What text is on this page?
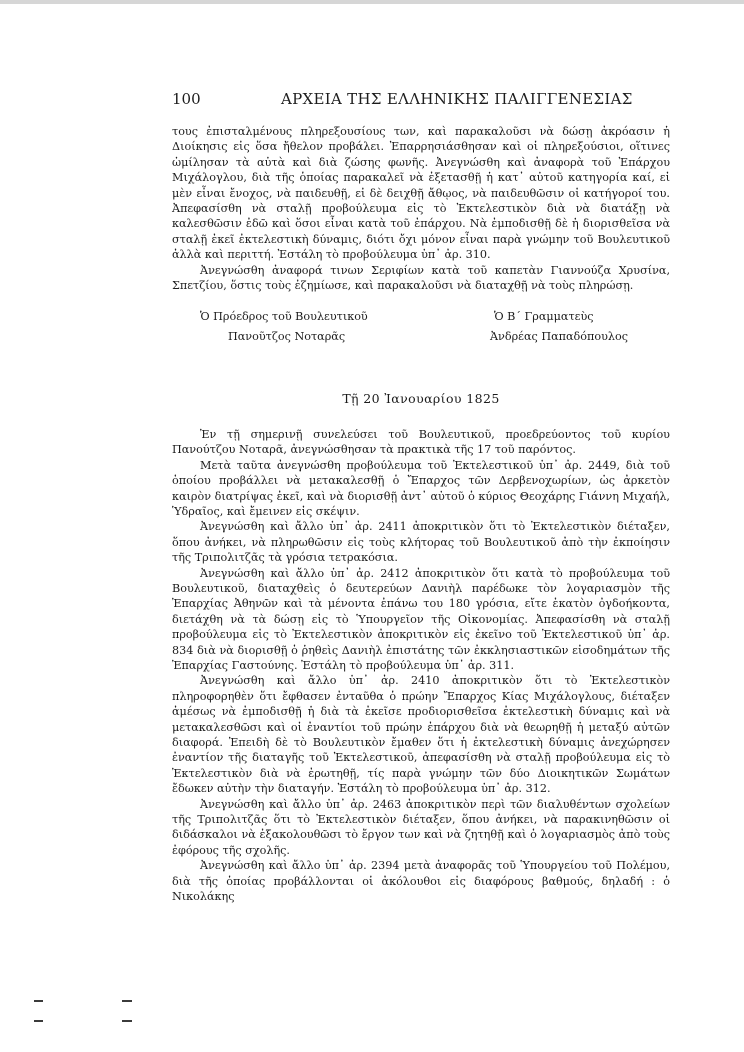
100	ΑΡΧΕΙΑ ΤΗΣ ΕΛΛΗΝΙΚΗΣ ΠΑΛΙΓΓΕΝΕΣΙΑΣ

τους ἐπισταλμένους πληρεξουσίους των, καὶ παρακαλοῦσι νὰ δώσῃ ἀκρόασιν ἡ Διοίκησις εἰς ὅσα ἤθελον προβάλει. Ἐπαρρησιάσθησαν καὶ οἱ πληρεξούσιοι, οἵτινες ὡμίλησαν τὰ αὐτὰ καὶ διὰ ζώσης φωνῆς. Ἀνεγνώσθη καὶ ἀναφορὰ τοῦ Ἐπάρχου Μιχάλογλου, διὰ τῆς ὁποίας παρακαλεῖ νὰ ἐξετασθῇ ἡ κατ᾽ αὐτοῦ κατηγορία καί, εἰ μὲν εἶναι ἔνοχος, νὰ παιδευθῇ, εἰ δὲ δειχθῇ ἄθῳος, νὰ παιδευθῶσιν οἱ κατήγοροί του. Ἀπεφασίσθη νὰ σταλῇ προβούλευμα εἰς τὸ Ἐκτελεστικὸν διὰ νὰ διατάξῃ νὰ καλεσθῶσιν ἐδῶ καὶ ὅσοι εἶναι κατὰ τοῦ ἐπάρχου. Νὰ ἐμποδισθῇ δὲ ἡ διορισθεῖσα νὰ σταλῇ ἐκεῖ ἐκτελεστικὴ δύναμις, διότι ὄχι μόνον εἶναι παρὰ γνώμην τοῦ Βουλευτικοῦ ἀλλὰ καὶ περιττή. Ἐστάλη τὸ προβούλευμα ὑπ᾽ ἀρ. 310.

Ἀνεγνώσθη ἀναφορά τινων Σεριφίων κατὰ τοῦ καπετὰν Γιαννούζα Χρυσίνα, Σπετζίου, ὅστις τοὺς ἐζημίωσε, καὶ παρακαλοῦσι νὰ διαταχθῇ νὰ τοὺς πληρώσῃ.

Ὁ Πρόεδρος τοῦ Βουλευτικοῦ
Πανοῦτζος Νοταρᾶς
Ὁ Β´ Γραμματεὺς
Ἀνδρέας Παπαδόπουλος
Τῇ 20 Ἰανουαρίου 1825

Ἐν τῇ σημερινῇ συνελεύσει τοῦ Βουλευτικοῦ, προεδρεύοντος τοῦ κυρίου Πανούτζου Νοταρᾶ, ἀνεγνώσθησαν τὰ πρακτικὰ τῆς 17 τοῦ παρόντος.

Μετὰ ταῦτα ἀνεγνώσθη προβούλευμα τοῦ Ἐκτελεστικοῦ ὑπ᾽ ἀρ. 2449, διὰ τοῦ ὁποίου προβάλλει νὰ μετακαλεσθῇ ὁ Ἔπαρχος τῶν Δερβενοχωρίων, ὡς ἀρκετὸν καιρὸν διατρίψας ἐκεῖ, καὶ νὰ διορισθῇ ἀντ᾽ αὐτοῦ ὁ κύριος Θεοχάρης Γιάννη Μιχαήλ, Ὑδραῖος, καὶ ἔμεινεν εἰς σκέψιν.

Ἀνεγνώσθη καὶ ἄλλο ὑπ᾽ ἀρ. 2411 ἀποκριτικὸν ὅτι τὸ Ἐκτελεστικὸν διέταξεν, ὅπου ἀνήκει, νὰ πληρωθῶσιν εἰς τοὺς κλήτορας τοῦ Βουλευτικοῦ ἀπὸ τὴν ἐκποίησιν τῆς Τριπολιτζᾶς τὰ γρόσια τετρακόσια.

Ἀνεγνώσθη καὶ ἄλλο ὑπ᾽ ἀρ. 2412 ἀποκριτικὸν ὅτι κατὰ τὸ προβούλευμα τοῦ Βουλευτικοῦ, διαταχθεὶς ὁ δευτερεύων Δανιὴλ παρέδωκε τὸν λογαριασμὸν τῆς Ἐπαρχίας Ἀθηνῶν καὶ τὰ μένοντα ἐπάνω του 180 γρόσια, εἴτε ἑκατὸν ὀγδοήκοντα, διετάχθη νὰ τὰ δώσῃ εἰς τὸ Ὑπουργεῖον τῆς Οἰκονομίας. Ἀπεφασίσθη νὰ σταλῇ προβούλευμα εἰς τὸ Ἐκτελεστικὸν ἀποκριτικὸν εἰς ἐκεῖνο τοῦ Ἐκτελεστικοῦ ὑπ᾽ ἀρ. 834 διὰ νὰ διορισθῇ ὁ ῥηθεὶς Δανιὴλ ἐπιστάτης τῶν ἐκκλησιαστικῶν εἰσοδημάτων τῆς Ἐπαρχίας Γαστούνης. Ἐστάλη τὸ προβούλευμα ὑπ᾽ ἀρ. 311.

Ἀνεγνώσθη καὶ ἄλλο ὑπ᾽ ἀρ. 2410 ἀποκριτικὸν ὅτι τὸ Ἐκτελεστικὸν πληροφορηθὲν ὅτι ἔφθασεν ἐνταῦθα ὁ πρώην Ἔπαρχος Κίας Μιχάλογλους, διέταξεν ἀμέσως νὰ ἐμποδισθῇ ἡ διὰ τὰ ἐκεῖσε προδιορισθεῖσα ἐκτελεστικὴ δύναμις καὶ νὰ μετακαλεσθῶσι καὶ οἱ ἐναντίοι τοῦ πρώην ἐπάρχου διὰ νὰ θεωρηθῇ ἡ μεταξύ αὐτῶν διαφορά. Ἐπειδὴ δὲ τὸ Βουλευτικὸν ἔμαθεν ὅτι ἡ ἐκτελεστικὴ δύναμις ἀνεχώρησεν ἐναντίον τῆς διαταγῆς τοῦ Ἐκτελεστικοῦ, ἀπεφασίσθη νὰ σταλῇ προβούλευμα εἰς τὸ Ἐκτελεστικὸν διὰ νὰ ἐρωτηθῇ, τίς παρὰ γνώμην τῶν δύο Διοικητικῶν Σωμάτων ἔδωκεν αὐτὴν τὴν διαταγήν. Ἐστάλη τὸ προβούλευμα ὑπ᾽ ἀρ. 312.

Ἀνεγνώσθη καὶ ἄλλο ὑπ᾽ ἀρ. 2463 ἀποκριτικὸν περὶ τῶν διαλυθέντων σχολείων τῆς Τριπολιτζᾶς ὅτι τὸ Ἐκτελεστικὸν διέταξεν, ὅπου ἀνήκει, νὰ παρακινηθῶσιν οἱ διδάσκαλοι νὰ ἐξακολουθῶσι τὸ ἔργον των καὶ νὰ ζητηθῇ καὶ ὁ λογαριασμὸς ἀπὸ τοὺς ἐφόρους τῆς σχολῆς.

Ἀνεγνώσθη καὶ ἄλλο ὑπ᾽ ἀρ. 2394 μετὰ ἀναφορᾶς τοῦ Ὑπουργείου τοῦ Πολέμου, διὰ τῆς ὁποίας προβάλλονται οἱ ἀκόλουθοι εἰς διαφόρους βαθμούς, δηλαδή : ὁ Νικολάκης
